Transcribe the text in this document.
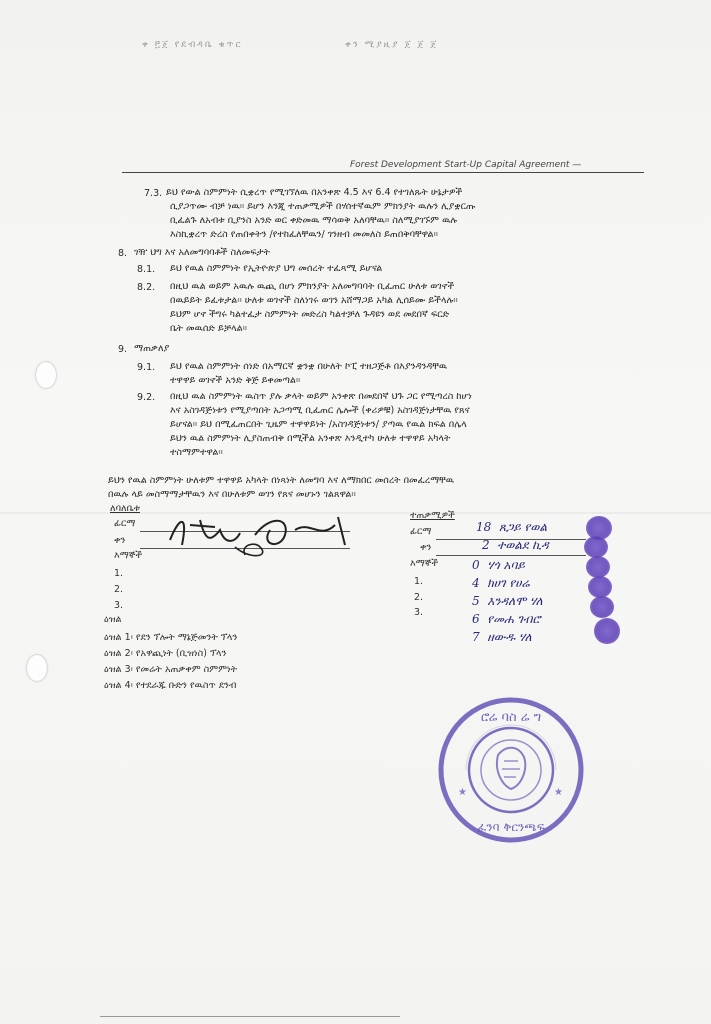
ቀ ፫ጀ የደብዳቤ ቁጥር	ቀን ሚያዚያ ጀ ጀ ጀ
Forest Development Start-Up Capital Agreement —
7.3. ይህ የውል ስምምነት ሲቋረጥ የሚገኘለዉ በአንቀጽ 4.5 እና 6.4 የተገለጹት ሁኔታዎች
ሲያጋጥሙ ብቻ ነዉ። ይሆን እንጂ ተጠቃሚዎች በሃሰተኛዉም ምክንያት ዉሉን ሊያቋርጡ
ቢፈልጉ ለአብቱ ቢያንስ አንድ ወር ቀድመዉ ማሳወቅ አለባቸዉ። ስለሚያገኙም ዉሉ
እስኪቋረጥ ድረስ የጠበቀትን /የተከፈለቸዉን/ ገንዘብ መመለስ ይጠበቅባቸዋል።
8. ገዥ ህግ እና አለመግባባቶች ስለመፍታት
8.1. ይህ የዉል ስምምነት የኢትዮጵያ ህግ መሰረት ተፈጻሚ ይሆናል
8.2. በዚህ ዉል ወይም አዉሉ ዉጪ በሆነ ምክንያት አለመግባባት ቢፈጠር ሁለቱ ወገኖች
በዉይይት ይፈቱታል። ሁለቱ ወገኖች ስለነገሩ ወገን አሸማጋይ አካል ሊሰይሙ ይችላሉ።
ይህም ሆኖ ችግሩ ካልተፈታ ስምምነት መድረስ ካልተቻለ ጉዳዩን ወደ መደበኛ ፍርድ
ቤት መዉሰድ ይቻላል።
9. ማጠቃለያ
9.1. ይህ የዉል ስምምነት ሰነድ በአማርኛ ቋንቋ በሁለት ኮፒ ተዘጋጅቶ በእያንዳንዳቸዉ
ተዋዋይ ወገኖች አንድ ቅጅ ይቀመጣል።
9.2. በዚህ ዉል ስምምነት ዉስጥ ያሉ ቃላት ወይም አንቀጽ በመደበኛ ህጉ ጋር የሚጣረስ ከሆነ
እና አስገዳጅነቱን የሚያጣበት አጋጣሚ ቢፈጠር ሌሎች (ቀሪዎቹ) አስገዳጅነታቸዉ የጸና
ይሆናል። ይህ በሚፈጠርበት ጊዜም ተዋዋይነት /አስገዳጅነቱን/ ያጣዉ የዉል ክፍል በሌላ
ይህን ዉል ስምምነት ሊያስጠብቅ በሚችል አንቀጽ እንዲተካ ሁለቱ ተዋዋይ አካላት
ተስማምተዋል።
ይህን የዉል ስምምነት ሁለቱም ተዋዋይ አካላት በነጻነት ለመግባ እና ለማክበር መሰረት በመፈረማቸዉ
በዉሉ ላይ መስማማታቸዉን እና በሁለቱም ወገን የጸና መሆኑን ገልጸዋል።
ለባለቤቱ
ፊርማ
ቀን
እማኞች
1.
2.
3.
ዕዝል
ዕዝል 1፡ የደን ፕሎት ማኔጅመንት ፕላን
ዕዝል 2፡ የአዋጪነት (ቢዝነስ) ፕላን
ዕዝል 3፡ የመሬት አጠቃቀም ስምምነት
ዕዝል 4፡ የተደራጁ ቡድን የዉስጥ ደንብ
ተጠቃሚዎች
ፊርማ
ቀን
እማኞች
1.
2.
3.
18 ጸጋይ የወል
2 ተወልደ ኪዳ
0 ሃጎ አባይ
4 ክሀገ የሀሬ
5 እንዳለሞ ሃለ
6 የመሐ ገብሮ
7 ዘውዱ ሃለ
ሮሬ ባስ ሬ ግ
ፈንባ ቅርንጫፍ
★	★
